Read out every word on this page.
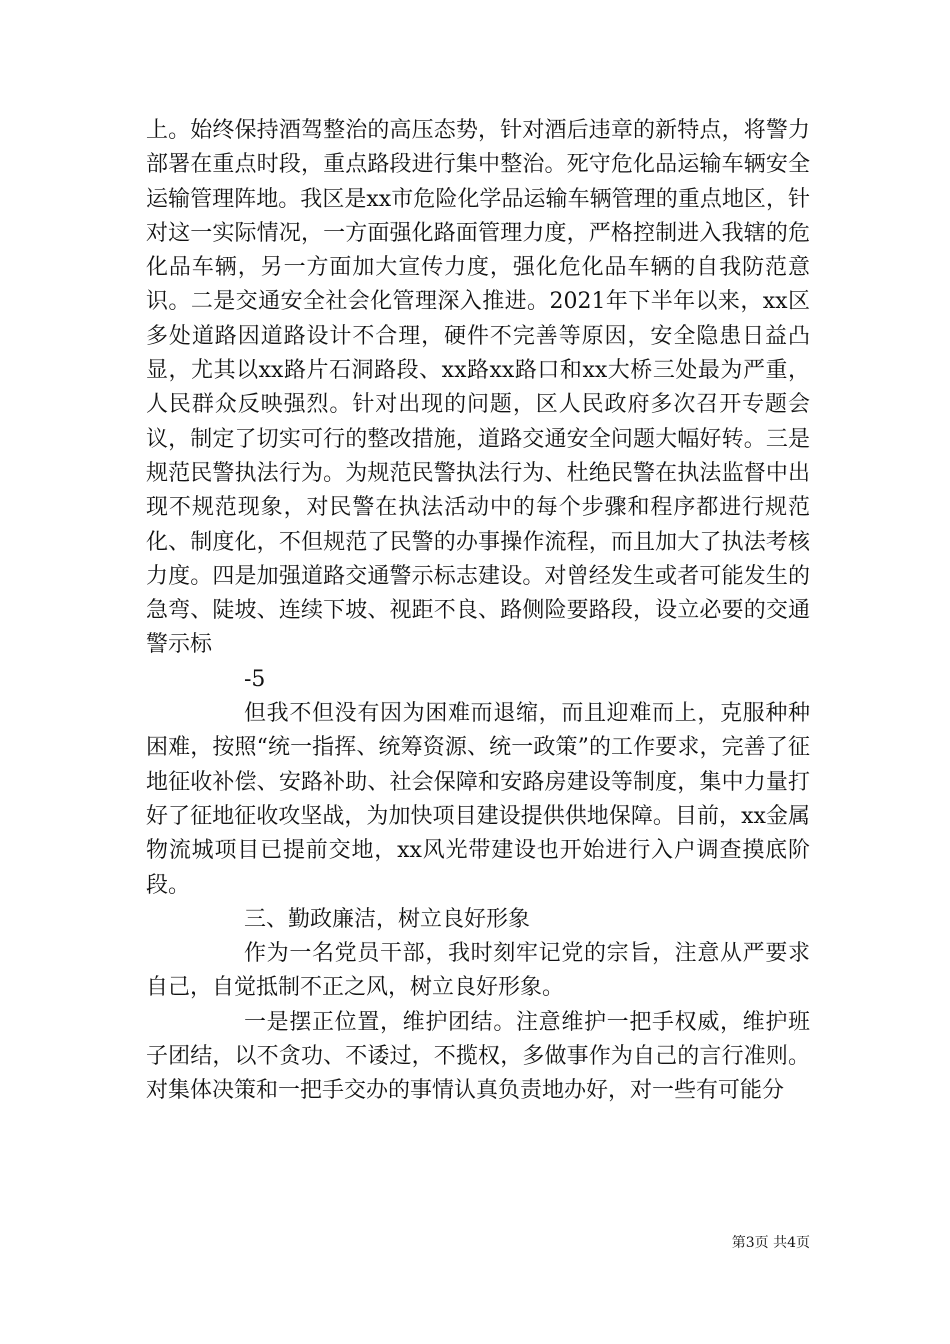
上。始终保持酒驾整治的高压态势，针对酒后违章的新特点，将警力部署在重点时段，重点路段进行集中整治。死守危化品运输车辆安全运输管理阵地。我区是xx市危险化学品运输车辆管理的重点地区，针对这一实际情况，一方面强化路面管理力度，严格控制进入我辖的危化品车辆，另一方面加大宣传力度，强化危化品车辆的自我防范意识。二是交通安全社会化管理深入推进。2021年下半年以来，xx区多处道路因道路设计不合理，硬件不完善等原因，安全隐患日益凸显，尤其以xx路片石洞路段、xx路xx路口和xx大桥三处最为严重，人民群众反映强烈。针对出现的问题，区人民政府多次召开专题会议，制定了切实可行的整改措施，道路交通安全问题大幅好转。三是规范民警执法行为。为规范民警执法行为、杜绝民警在执法监督中出现不规范现象，对民警在执法活动中的每个步骤和程序都进行规范化、制度化，不但规范了民警的办事操作流程，而且加大了执法考核力度。四是加强道路交通警示标志建设。对曾经发生或者可能发生的急弯、陡坡、连续下坡、视距不良、路侧险要路段，设立必要的交通警示标

-5

但我不但没有因为困难而退缩，而且迎难而上，克服种种困难，按照“统一指挥、统筹资源、统一政策”的工作要求，完善了征地征收补偿、安路补助、社会保障和安路房建设等制度，集中力量打好了征地征收攻坚战，为加快项目建设提供供地保障。目前，xx金属物流城项目已提前交地，xx风光带建设也开始进行入户调查摸底阶段。

三、勤政廉洁，树立良好形象

作为一名党员干部，我时刻牢记党的宗旨，注意从严要求自己，自觉抵制不正之风，树立良好形象。

一是摆正位置，维护团结。注意维护一把手权威，维护班子团结，以不贪功、不诿过，不揽权，多做事作为自己的言行准则。对集体决策和一把手交办的事情认真负责地办好，对一些有可能分

第3页 共4页
